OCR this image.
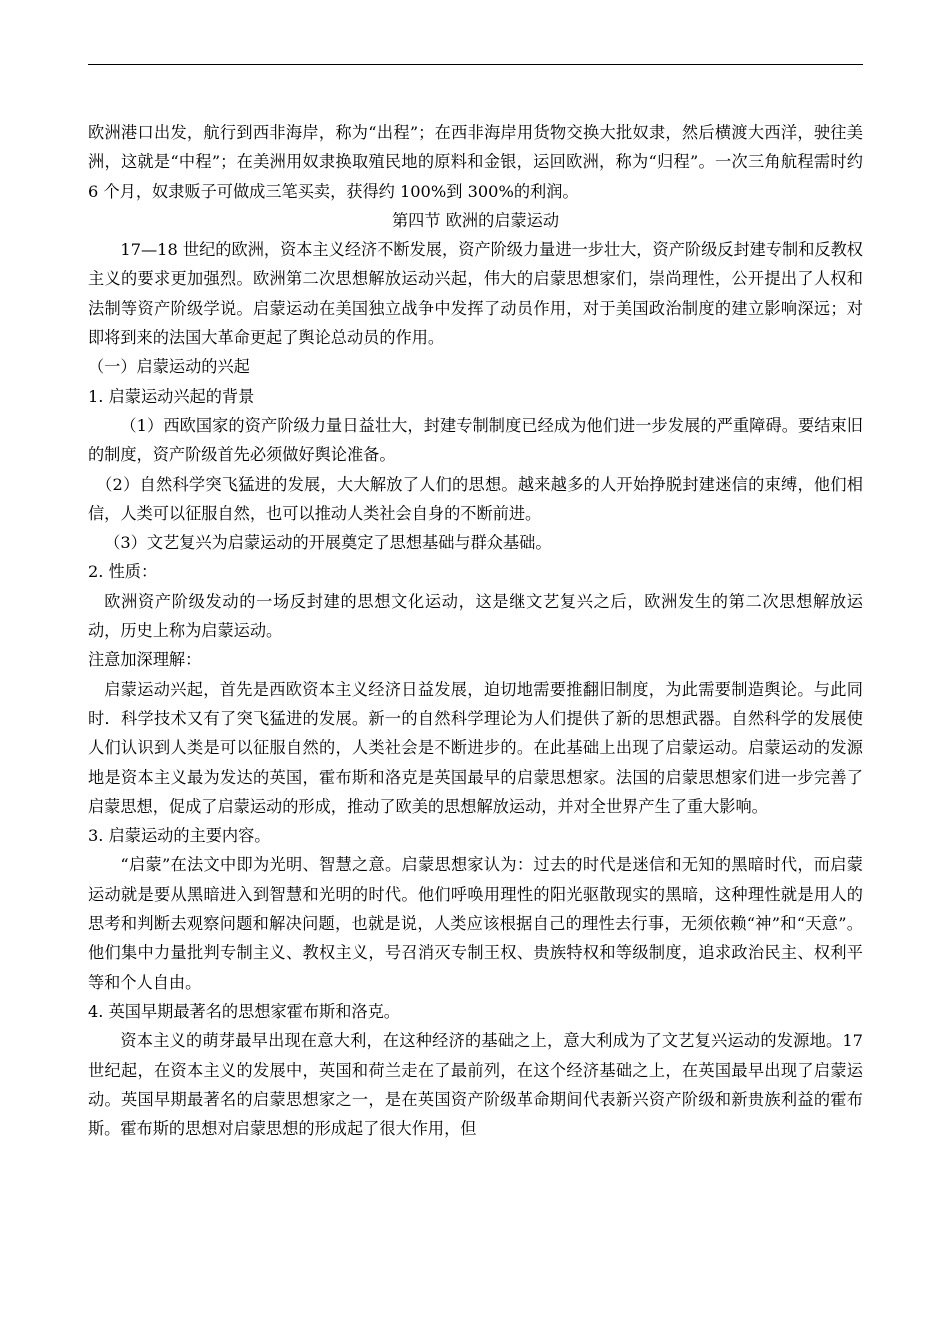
欧洲港口出发，航行到西非海岸，称为“出程”；在西非海岸用货物交换大批奴隶，然后横渡大西洋，驶往美洲，这就是“中程”；在美洲用奴隶换取殖民地的原料和金银，运回欧洲，称为“归程”。一次三角航程需时约 6 个月，奴隶贩子可做成三笔买卖，获得约 100%到 300%的利润。

第四节 欧洲的启蒙运动

17—18 世纪的欧洲，资本主义经济不断发展，资产阶级力量进一步壮大，资产阶级反封建专制和反教权主义的要求更加强烈。欧洲第二次思想解放运动兴起，伟大的启蒙思想家们，崇尚理性，公开提出了人权和法制等资产阶级学说。启蒙运动在美国独立战争中发挥了动员作用，对于美国政治制度的建立影响深远；对即将到来的法国大革命更起了舆论总动员的作用。

（一）启蒙运动的兴起

1. 启蒙运动兴起的背景

（1）西欧国家的资产阶级力量日益壮大，封建专制制度已经成为他们进一步发展的严重障碍。要结束旧的制度，资产阶级首先必须做好舆论准备。

（2）自然科学突飞猛进的发展，大大解放了人们的思想。越来越多的人开始挣脱封建迷信的束缚，他们相信，人类可以征服自然，也可以推动人类社会自身的不断前进。

（3）文艺复兴为启蒙运动的开展奠定了思想基础与群众基础。

2. 性质：

欧洲资产阶级发动的一场反封建的思想文化运动，这是继文艺复兴之后，欧洲发生的第二次思想解放运动，历史上称为启蒙运动。

注意加深理解：

启蒙运动兴起，首先是西欧资本主义经济日益发展，迫切地需要推翻旧制度，为此需要制造舆论。与此同时．科学技术又有了突飞猛进的发展。新一的自然科学理论为人们提供了新的思想武器。自然科学的发展使人们认识到人类是可以征服自然的，人类社会是不断进步的。在此基础上出现了启蒙运动。启蒙运动的发源地是资本主义最为发达的英国，霍布斯和洛克是英国最早的启蒙思想家。法国的启蒙思想家们进一步完善了启蒙思想，促成了启蒙运动的形成，推动了欧美的思想解放运动，并对全世界产生了重大影响。

3. 启蒙运动的主要内容。

“启蒙”在法文中即为光明、智慧之意。启蒙思想家认为：过去的时代是迷信和无知的黑暗时代，而启蒙运动就是要从黑暗进入到智慧和光明的时代。他们呼唤用理性的阳光驱散现实的黑暗，这种理性就是用人的思考和判断去观察问题和解决问题，也就是说，人类应该根据自己的理性去行事，无须依赖“神”和“天意”。他们集中力量批判专制主义、教权主义，号召消灭专制王权、贵族特权和等级制度，追求政治民主、权利平等和个人自由。

4. 英国早期最著名的思想家霍布斯和洛克。

资本主义的萌芽最早出现在意大利，在这种经济的基础之上，意大利成为了文艺复兴运动的发源地。17 世纪起，在资本主义的发展中，英国和荷兰走在了最前列，在这个经济基础之上，在英国最早出现了启蒙运动。英国早期最著名的启蒙思想家之一，是在英国资产阶级革命期间代表新兴资产阶级和新贵族利益的霍布斯。霍布斯的思想对启蒙思想的形成起了很大作用，但
